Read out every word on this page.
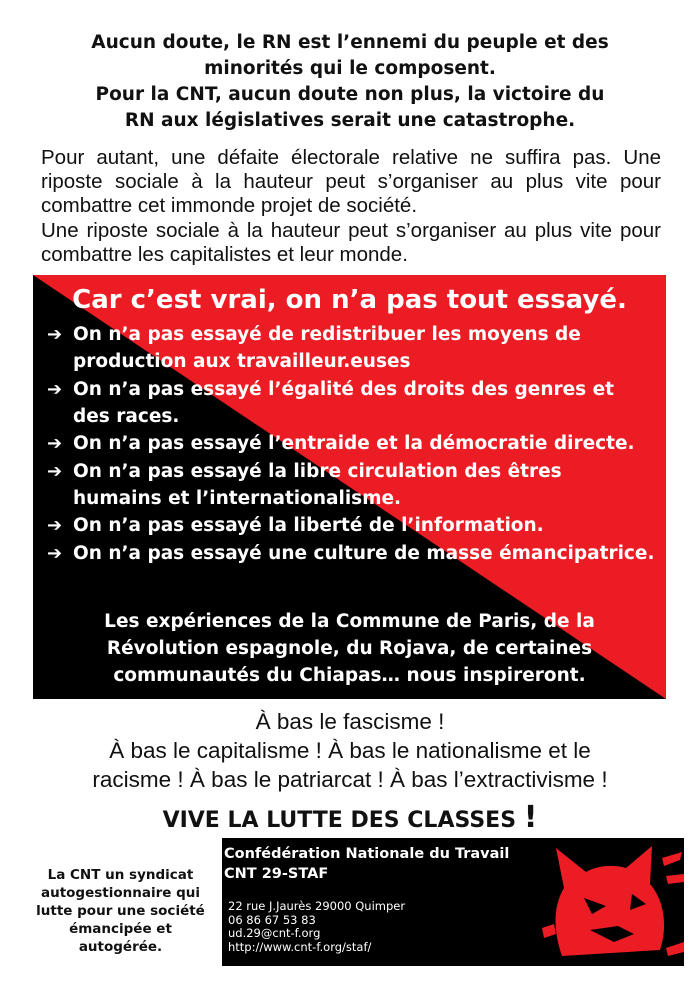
Aucun doute, le RN est l’ennemi du peuple et des
minorités qui le composent.
Pour la CNT, aucun doute non plus, la victoire du
RN aux législatives serait une catastrophe.

Pour autant, une défaite électorale relative ne suffira pas. Une riposte sociale à la hauteur peut s’organiser au plus vite pour combattre cet immonde projet de société.

Une riposte sociale à la hauteur peut s’organiser au plus vite pour combattre les capitalistes et leur monde.

Car c’est vrai, on n’a pas tout essayé.
➔ On n’a pas essayé de redistribuer les moyens de production aux travailleur.euses
➔ On n’a pas essayé l’égalité des droits des genres et des races.
➔ On n’a pas essayé l’entraide et la démocratie directe.
➔ On n’a pas essayé la libre circulation des êtres humains et l’internationalisme.
➔ On n’a pas essayé la liberté de l’information.
➔ On n’a pas essayé une culture de masse émancipatrice.
Les expériences de la Commune de Paris, de la
Révolution espagnole, du Rojava, de certaines
communautés du Chiapas… nous inspireront.
À bas le fascisme !
À bas le capitalisme ! À bas le nationalisme et le
racisme ! À bas le patriarcat ! À bas l’extractivisme !
VIVE LA LUTTE DES CLASSES !
La CNT un syndicat
autogestionnaire qui
lutte pour une société
émancipée et
autogérée.
Confédération Nationale du Travail
CNT 29-STAF
22 rue J.Jaurès 29000 Quimper
06 86 67 53 83
ud.29@cnt-f.org
http://www.cnt-f.org/staf/
